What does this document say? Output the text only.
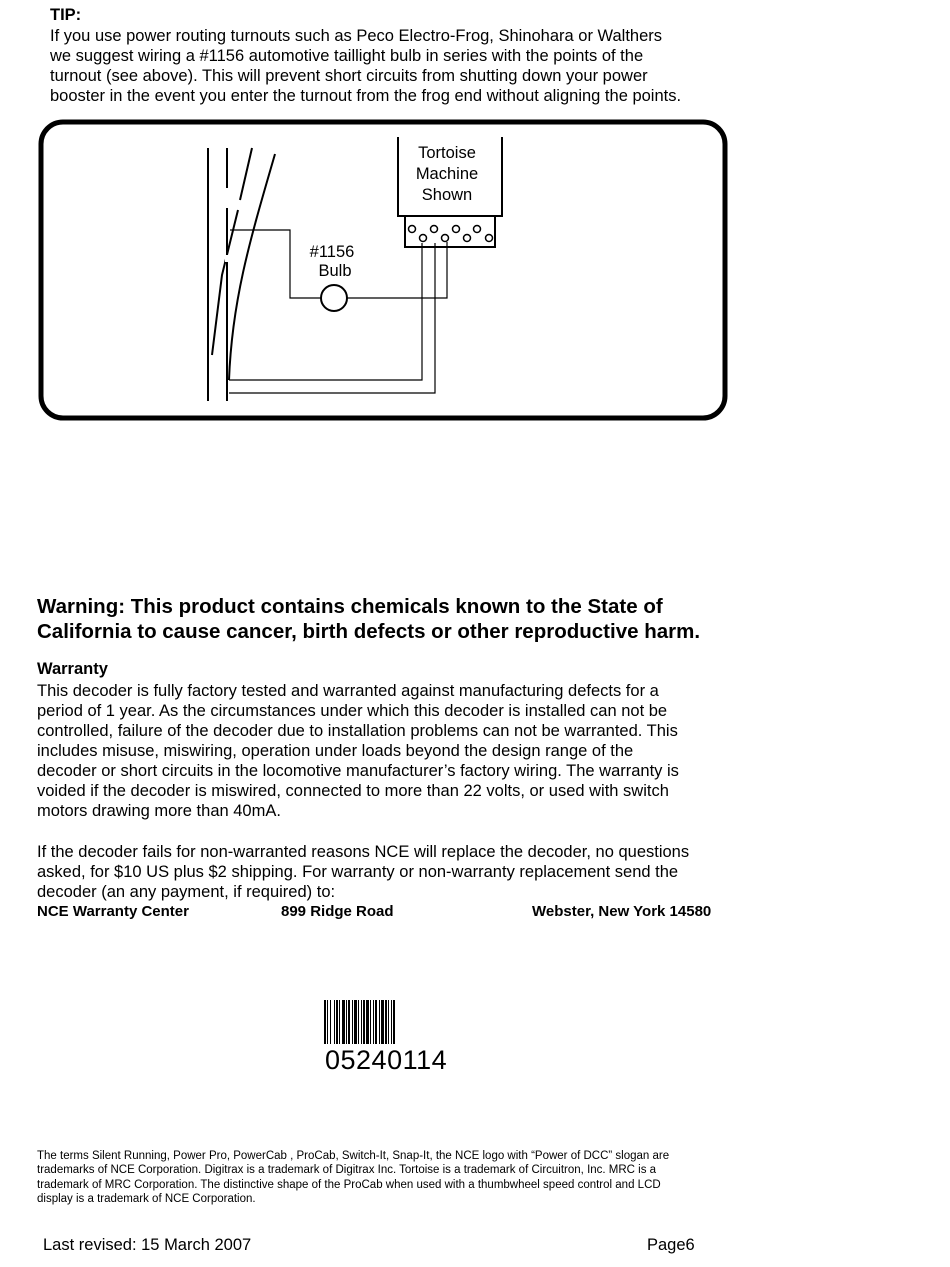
TIP:
If you use power routing turnouts such as Peco Electro-Frog, Shinohara or Walthers
we suggest wiring a #1156 automotive taillight bulb in series with the points of the
turnout (see above). This will prevent short circuits from shutting down your power
booster in the event you enter the turnout from the frog end without aligning the points.
Tortoise
Machine
Shown
#1156
Bulb
Warning: This product contains chemicals known to the State of
California to cause cancer, birth defects or other reproductive harm.
Warranty
This decoder is fully factory tested and warranted against manufacturing defects for a
period of 1 year. As the circumstances under which this decoder is installed can not be
controlled, failure of the decoder due to installation problems can not be warranted. This
includes misuse, miswiring, operation under loads beyond the design range of the
decoder or short circuits in the locomotive manufacturer’s factory wiring. The warranty is
voided if the decoder is miswired, connected to more than 22 volts, or used with switch
motors drawing more than 40mA.
If the decoder fails for non-warranted reasons NCE will replace the decoder, no questions
asked, for $10 US plus $2 shipping. For warranty or non-warranty replacement send the
decoder (an any payment, if required) to:
NCE Warranty Center	899 Ridge Road	Webster, New York 14580
05240114
The terms Silent Running, Power Pro, PowerCab , ProCab, Switch-It, Snap-It, the NCE logo with “Power of DCC” slogan are
trademarks of NCE Corporation. Digitrax is a trademark of Digitrax Inc. Tortoise is a trademark of Circuitron, Inc. MRC is a
trademark of MRC Corporation. The distinctive shape of the ProCab when used with a thumbwheel speed control and LCD
display is a trademark of NCE Corporation.
Last revised: 15 March 2007	Page6
